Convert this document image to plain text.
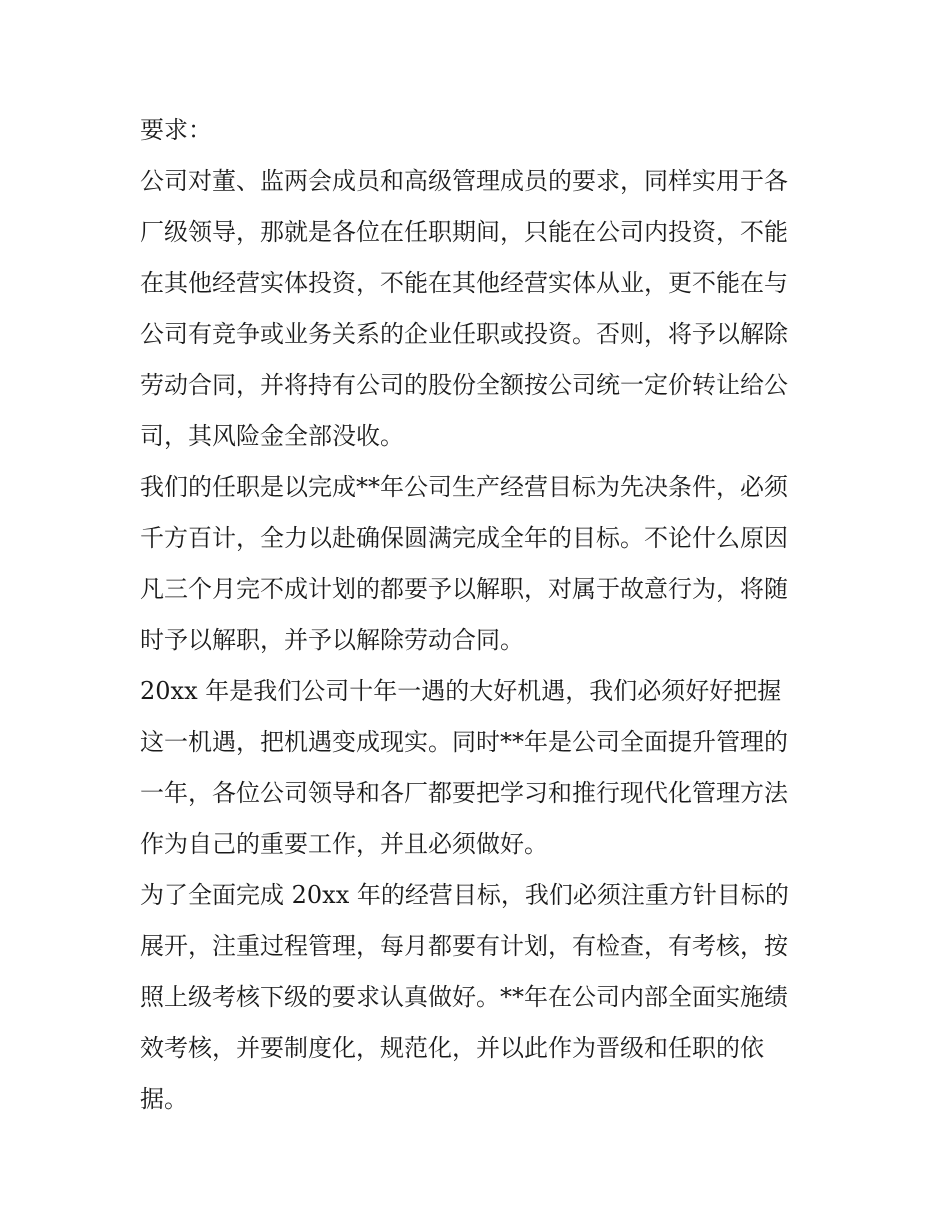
要求：
公司对董、监两会成员和高级管理成员的要求，同样实用于各
厂级领导，那就是各位在任职期间，只能在公司内投资，不能
在其他经营实体投资，不能在其他经营实体从业，更不能在与
公司有竞争或业务关系的企业任职或投资。否则，将予以解除
劳动合同，并将持有公司的股份全额按公司统一定价转让给公
司，其风险金全部没收。
我们的任职是以完成**年公司生产经营目标为先决条件，必须
千方百计，全力以赴确保圆满完成全年的目标。不论什么原因
凡三个月完不成计划的都要予以解职，对属于故意行为，将随
时予以解职，并予以解除劳动合同。
20xx 年是我们公司十年一遇的大好机遇，我们必须好好把握
这一机遇，把机遇变成现实。同时**年是公司全面提升管理的
一年，各位公司领导和各厂都要把学习和推行现代化管理方法
作为自己的重要工作，并且必须做好。
为了全面完成 20xx 年的经营目标，我们必须注重方针目标的
展开，注重过程管理，每月都要有计划，有检查，有考核，按
照上级考核下级的要求认真做好。**年在公司内部全面实施绩
效考核，并要制度化，规范化，并以此作为晋级和任职的依
据。
